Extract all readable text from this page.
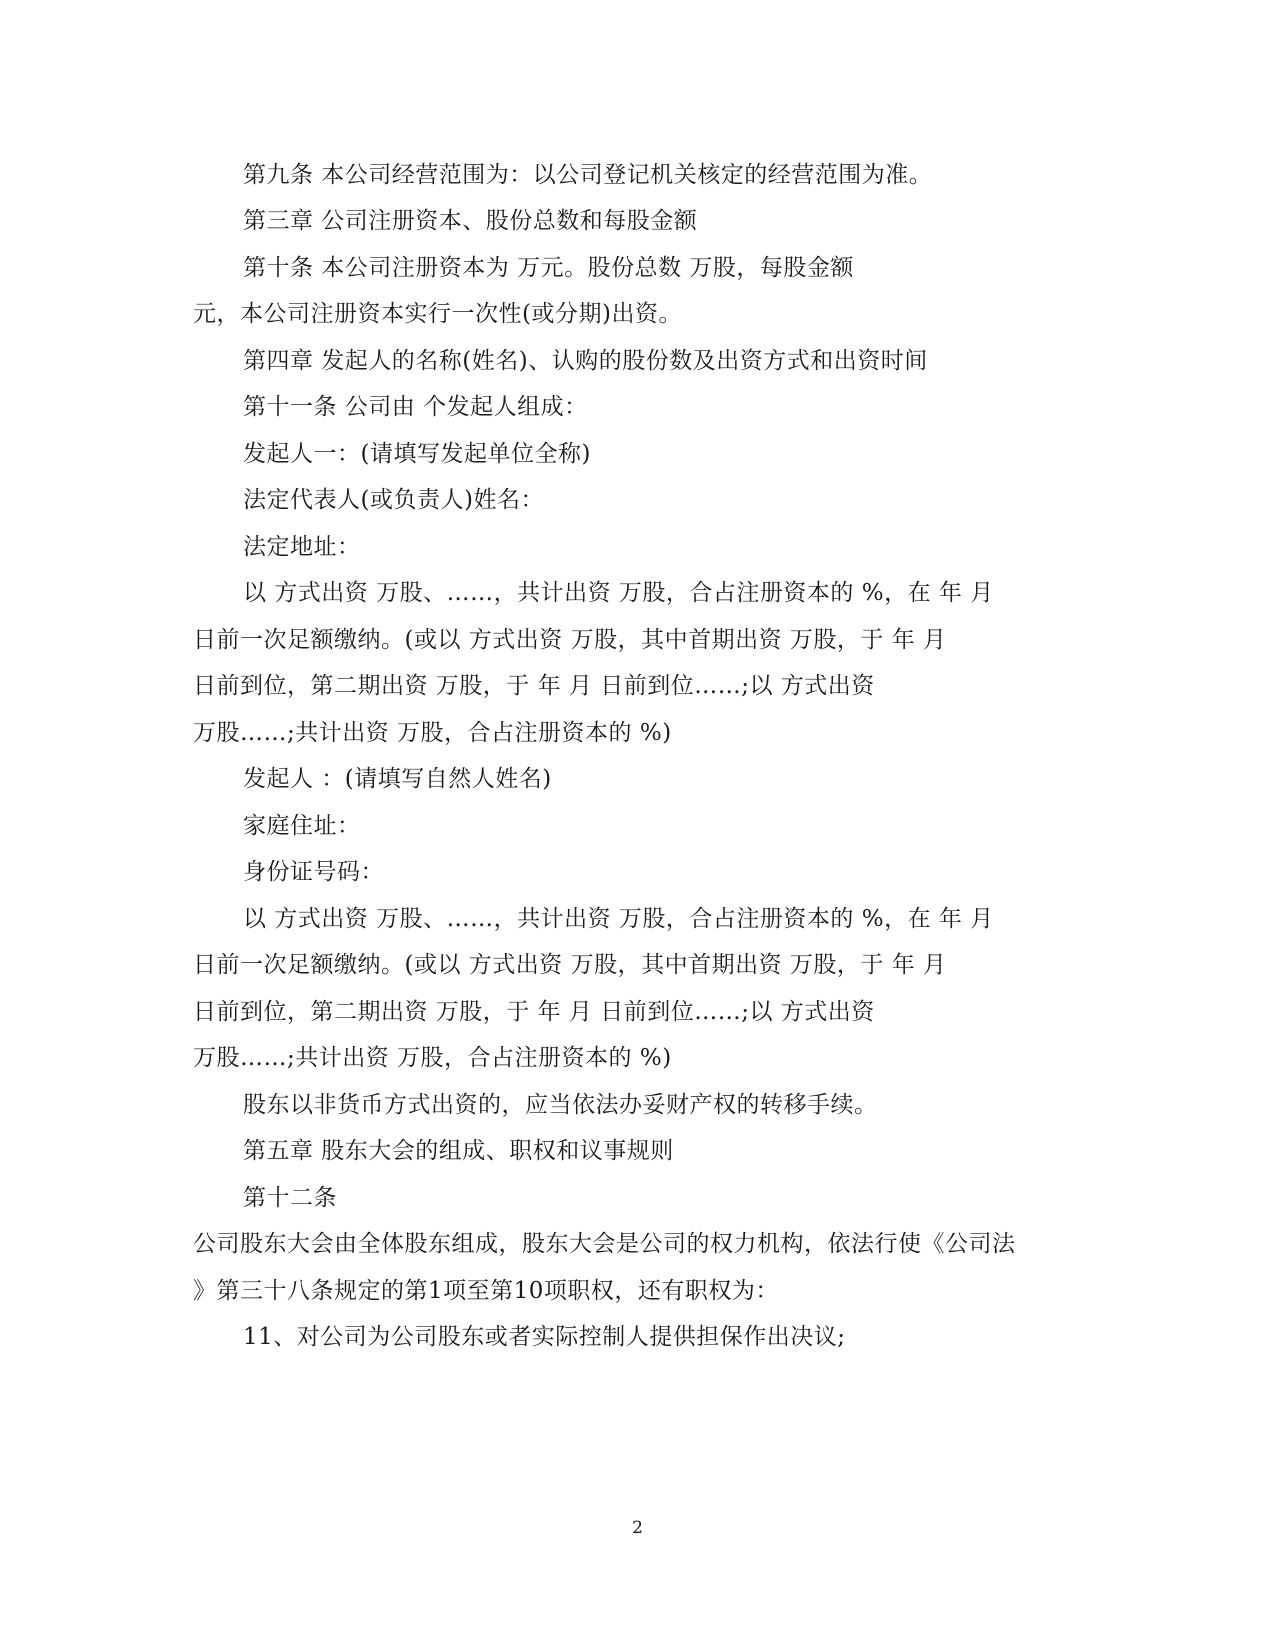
第九条 本公司经营范围为：以公司登记机关核定的经营范围为准。
第三章 公司注册资本、股份总数和每股金额
第十条 本公司注册资本为 万元。股份总数 万股，每股金额
元，本公司注册资本实行一次性(或分期)出资。
第四章 发起人的名称(姓名)、认购的股份数及出资方式和出资时间
第十一条 公司由 个发起人组成：
发起人一：(请填写发起单位全称)
法定代表人(或负责人)姓名：
法定地址：
以 方式出资 万股、……，共计出资 万股，合占注册资本的 %，在 年 月
日前一次足额缴纳。(或以 方式出资 万股，其中首期出资 万股，于 年 月
日前到位，第二期出资 万股，于 年 月 日前到位……;以 方式出资
万股……;共计出资 万股，合占注册资本的 %)
发起人 ：(请填写自然人姓名)
家庭住址：
身份证号码：
以 方式出资 万股、……，共计出资 万股，合占注册资本的 %，在 年 月
日前一次足额缴纳。(或以 方式出资 万股，其中首期出资 万股，于 年 月
日前到位，第二期出资 万股，于 年 月 日前到位……;以 方式出资
万股……;共计出资 万股，合占注册资本的 %)
股东以非货币方式出资的，应当依法办妥财产权的转移手续。
第五章 股东大会的组成、职权和议事规则
第十二条
公司股东大会由全体股东组成，股东大会是公司的权力机构，依法行使《公司法
》第三十八条规定的第1项至第10项职权，还有职权为：
11、对公司为公司股东或者实际控制人提供担保作出决议;
2
